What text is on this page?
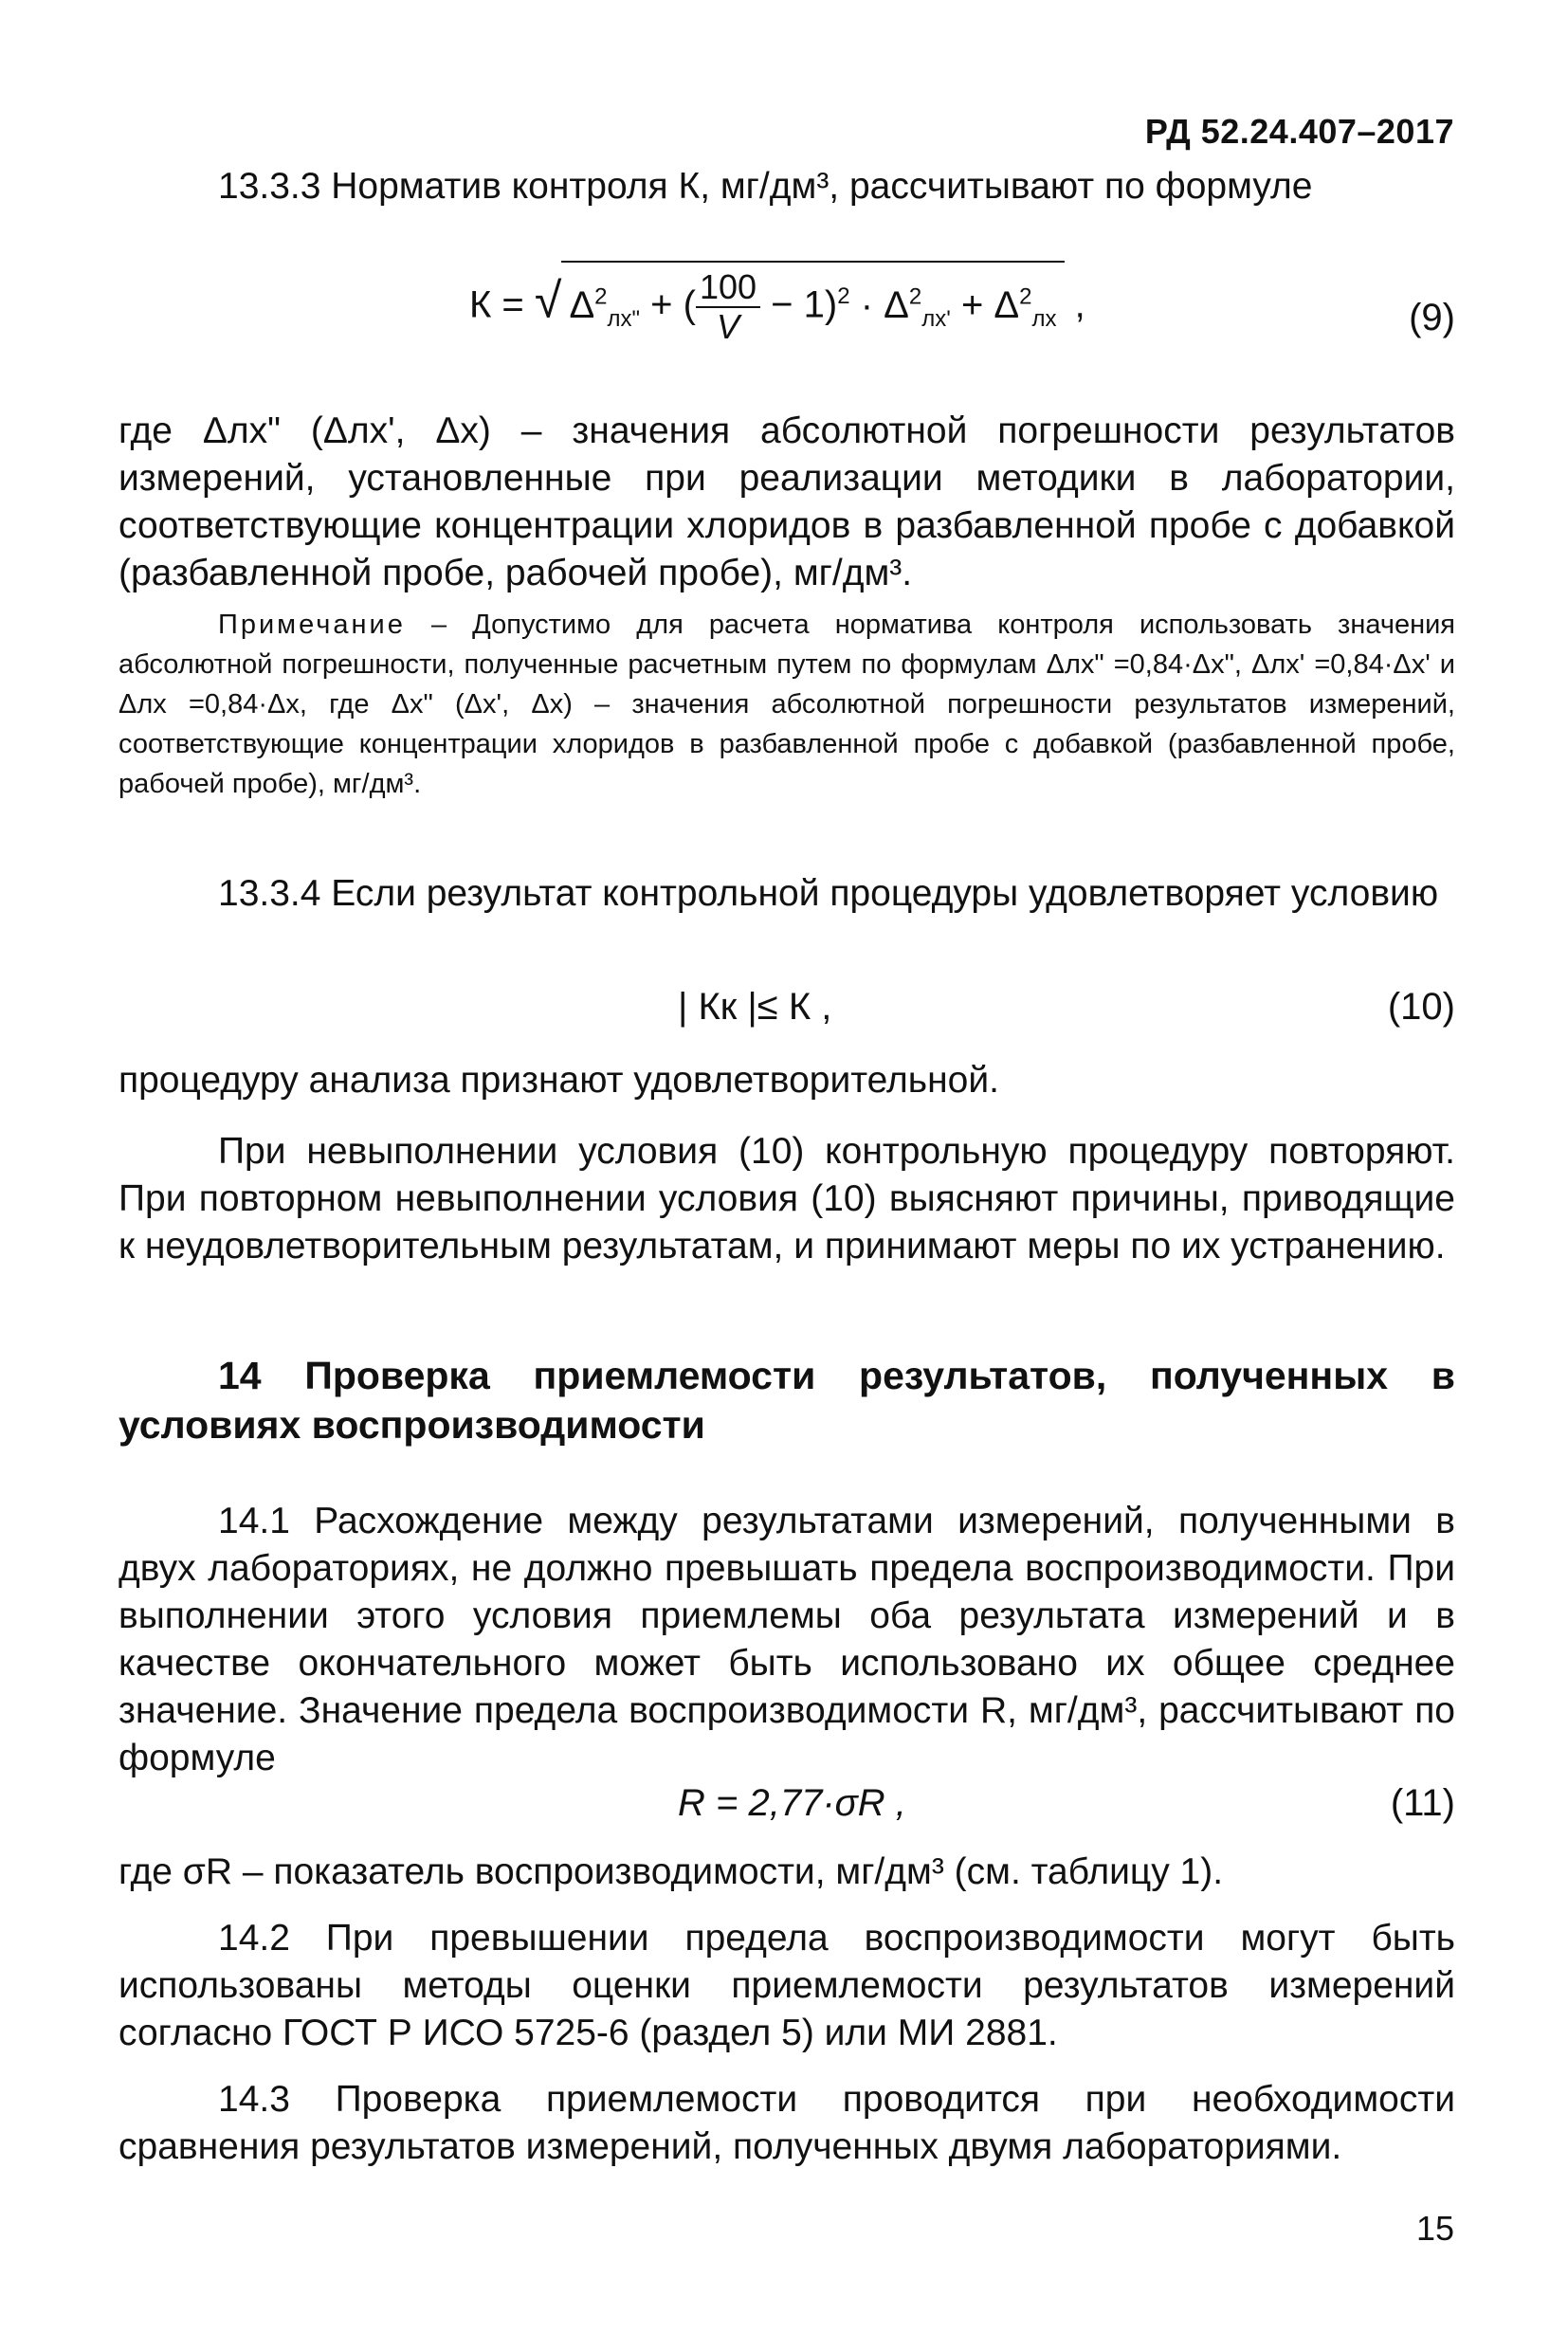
РД 52.24.407–2017

13.3.3 Норматив контроля К, мг/дм³, рассчитывают по формуле

К = √ $\Delta^2_{лх"}$ + ( $\frac{100}{V} - 1)^2 \cdot \Delta^2_{лх'} + \Delta^2_{лх}$ ,	(9)

где Δлх" (Δлх', Δх) – значения абсолютной погрешности результатов измерений, установленные при реализации методики в лаборатории, соответствующие концентрации хлоридов в разбавленной пробе с добавкой (разбавленной пробе, рабочей пробе), мг/дм³.

Примечание – Допустимо для расчета норматива контроля использовать значения абсолютной погрешности, полученные расчетным путем по формулам Δлх" =0,84·Δх", Δлх' =0,84·Δх' и Δлх =0,84·Δх, где Δх" (Δх', Δх) – значения абсолютной погрешности результатов измерений, соответствующие концентрации хлоридов в разбавленной пробе с добавкой (разбавленной пробе, рабочей пробе), мг/дм³.

13.3.4 Если результат контрольной процедуры удовлетворяет условию

| Кк |≤ К ,	(10)

процедуру анализа признают удовлетворительной.

При невыполнении условия (10) контрольную процедуру повторяют. При повторном невыполнении условия (10) выясняют причины, приводящие к неудовлетворительным результатам, и принимают меры по их устранению.

14 Проверка приемлемости результатов, полученных в условиях воспроизводимости

14.1 Расхождение между результатами измерений, полученными в двух лабораториях, не должно превышать предела воспроизводимости. При выполнении этого условия приемлемы оба результата измерений и в качестве окончательного может быть использовано их общее среднее значение. Значение предела воспроизводимости R, мг/дм³, рассчитывают по формуле

R = 2,77·σR ,	(11)

где σR – показатель воспроизводимости, мг/дм³ (см. таблицу 1).

14.2 При превышении предела воспроизводимости могут быть использованы методы оценки приемлемости результатов измерений согласно ГОСТ Р ИСО 5725-6 (раздел 5) или МИ 2881.

14.3 Проверка приемлемости проводится при необходимости сравнения результатов измерений, полученных двумя лабораториями.

15
